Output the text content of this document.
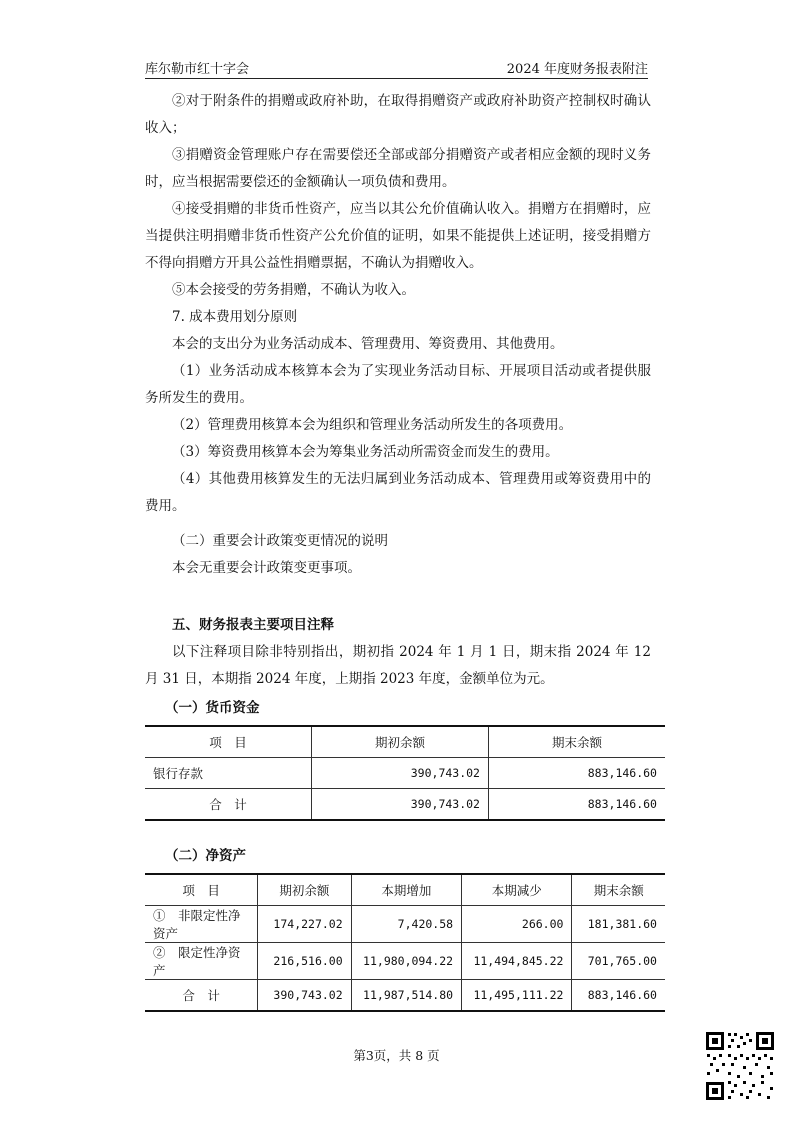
库尔勒市红十字会	2024 年度财务报表附注

②对于附条件的捐赠或政府补助，在取得捐赠资产或政府补助资产控制权时确认收入；

③捐赠资金管理账户存在需要偿还全部或部分捐赠资产或者相应金额的现时义务时，应当根据需要偿还的金额确认一项负债和费用。

④接受捐赠的非货币性资产，应当以其公允价值确认收入。捐赠方在捐赠时，应当提供注明捐赠非货币性资产公允价值的证明，如果不能提供上述证明，接受捐赠方不得向捐赠方开具公益性捐赠票据，不确认为捐赠收入。

⑤本会接受的劳务捐赠，不确认为收入。

7. 成本费用划分原则

本会的支出分为业务活动成本、管理费用、筹资费用、其他费用。

（1）业务活动成本核算本会为了实现业务活动目标、开展项目活动或者提供服务所发生的费用。

（2）管理费用核算本会为组织和管理业务活动所发生的各项费用。

（3）筹资费用核算本会为筹集业务活动所需资金而发生的费用。

（4）其他费用核算发生的无法归属到业务活动成本、管理费用或筹资费用中的费用。

（二）重要会计政策变更情况的说明

本会无重要会计政策变更事项。

五、财务报表主要项目注释

以下注释项目除非特别指出，期初指 2024 年 1 月 1 日，期末指 2024 年 12 月 31 日，本期指 2024 年度，上期指 2023 年度，金额单位为元。

（一）货币资金

项　目	期初余额	期末余额
银行存款	390,743.02	883,146.60
合　计	390,743.02	883,146.60

（二）净资产

项　目	期初余额	本期增加	本期减少	期末余额
①　非限定性净资产	174,227.02	7,420.58	266.00	181,381.60
②　限定性净资产	216,516.00	11,980,094.22	11,494,845.22	701,765.00
合　计	390,743.02	11,987,514.80	11,495,111.22	883,146.60
第3页，共 8 页
